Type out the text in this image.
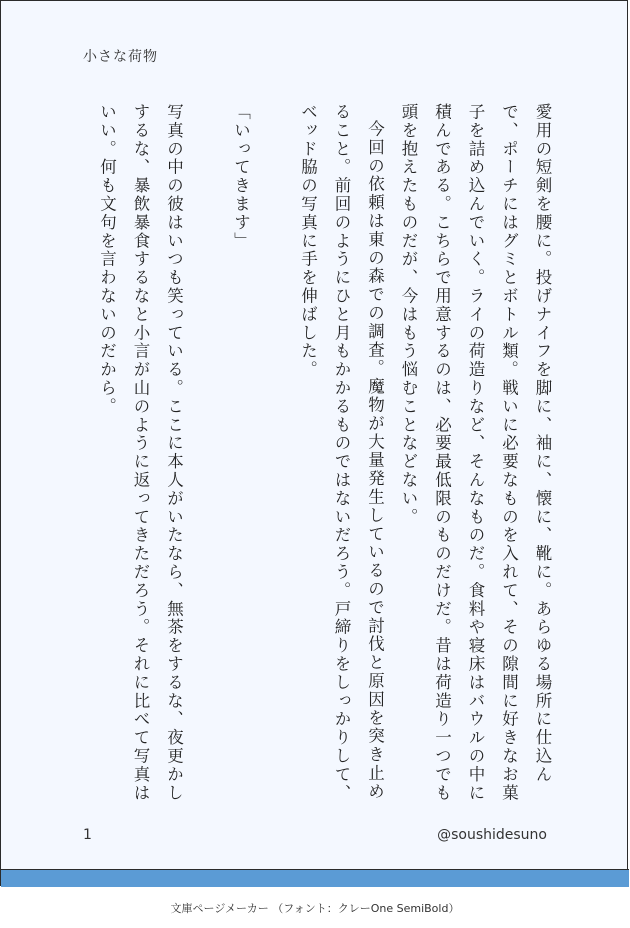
小さな荷物

愛用の短剣を腰に。投げナイフを脚に、袖に、懐に、靴に。あらゆる場所に仕込んで、ポーチにはグミとボトル類。戦いに必要なものを入れて、その隙間に好きなお菓子を詰め込んでいく。ライの荷造りなど、そんなものだ。食料や寝床はバウルの中に積んである。こちらで用意するのは、必要最低限のものだけだ。昔は荷造り一つでも頭を抱えたものだが、今はもう悩むことなどない。

今回の依頼は東の森での調査。魔物が大量発生しているので討伐と原因を突き止めること。前回のようにひと月もかかるものではないだろう。戸締りをしっかりして、ベッド脇の写真に手を伸ばした。

「いってきます」

写真の中の彼はいつも笑っている。ここに本人がいたなら、無茶をするな、夜更かしするな、暴飲暴食するなと小言が山のように返ってきただろう。それに比べて写真はいい。何も文句を言わないのだから。

1	@soushidesuno
文庫ページメーカー （フォント：クレーOne SemiBold）
